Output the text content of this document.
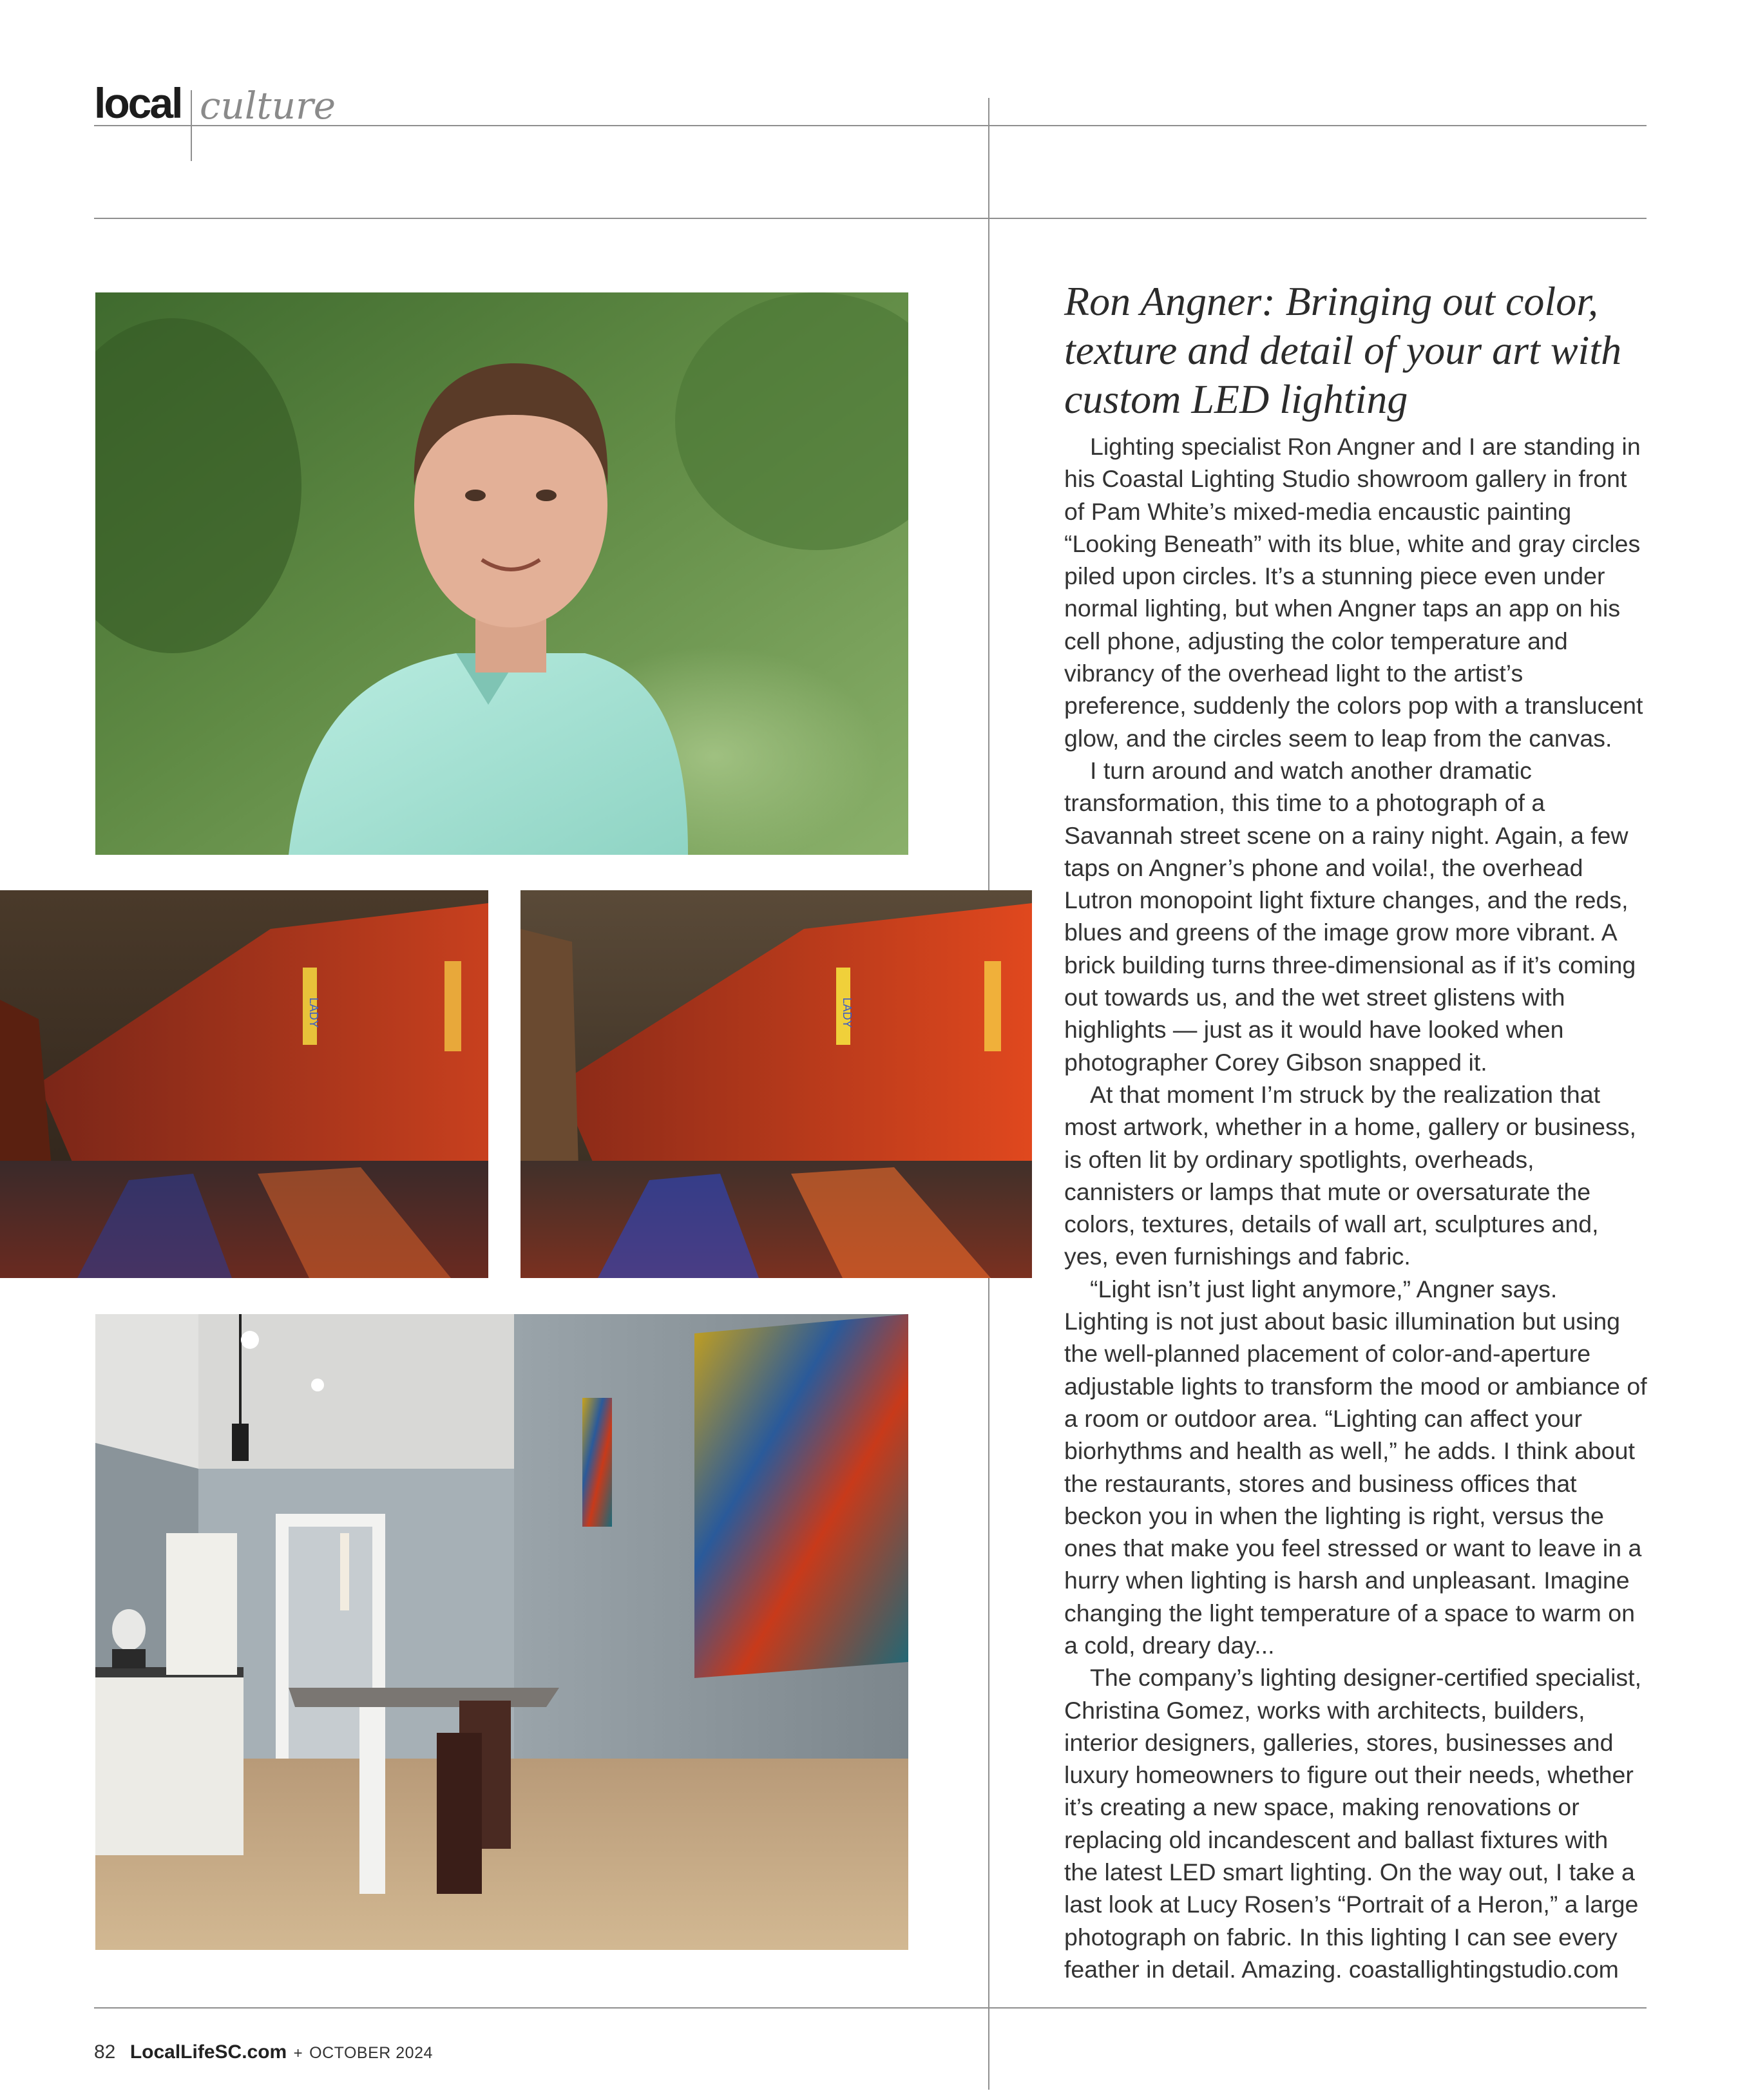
local culture
LADY	LADY
Ron Angner: Bringing out color, texture and detail of your art with custom LED lighting

Lighting specialist Ron Angner and I are standing in his Coastal Lighting Studio showroom gallery in front of Pam White’s mixed-media encaustic painting “Looking Beneath” with its blue, white and gray circles piled upon circles. It’s a stunning piece even under normal lighting, but when Angner taps an app on his cell phone, adjusting the color temperature and vibrancy of the overhead light to the artist’s preference, suddenly the colors pop with a translucent glow, and the circles seem to leap from the canvas.

I turn around and watch another dramatic transformation, this time to a photograph of a Savannah street scene on a rainy night. Again, a few taps on Angner’s phone and voila!, the overhead Lutron monopoint light fixture changes, and the reds, blues and greens of the image grow more vibrant. A brick building turns three-dimensional as if it’s coming out towards us, and the wet street glistens with highlights — just as it would have looked when photographer Corey Gibson snapped it.

At that moment I’m struck by the realization that most artwork, whether in a home, gallery or business, is often lit by ordinary spotlights, overheads, cannisters or lamps that mute or oversaturate the colors, textures, details of wall art, sculptures and, yes, even furnishings and fabric.

“Light isn’t just light anymore,” Angner says. Lighting is not just about basic illumination but using the well-planned placement of color-and-aperture adjustable lights to transform the mood or ambiance of a room or outdoor area. “Lighting can affect your biorhythms and health as well,” he adds. I think about the restaurants, stores and business offices that beckon you in when the lighting is right, versus the ones that make you feel stressed or want to leave in a hurry when lighting is harsh and unpleasant. Imagine changing the light temperature of a space to warm on a cold, dreary day...

The company’s lighting designer-certified specialist, Christina Gomez, works with architects, builders, interior designers, galleries, stores, businesses and luxury homeowners to figure out their needs, whether it’s creating a new space, making renovations or replacing old incandescent and ballast fixtures with the latest LED smart lighting. On the way out, I take a last look at Lucy Rosen’s “Portrait of a Heron,” a large photograph on fabric. In this lighting I can see every feather in detail. Amazing. coastallightingstudio.com

82 LocalLifeSC.com + OCTOBER 2024
